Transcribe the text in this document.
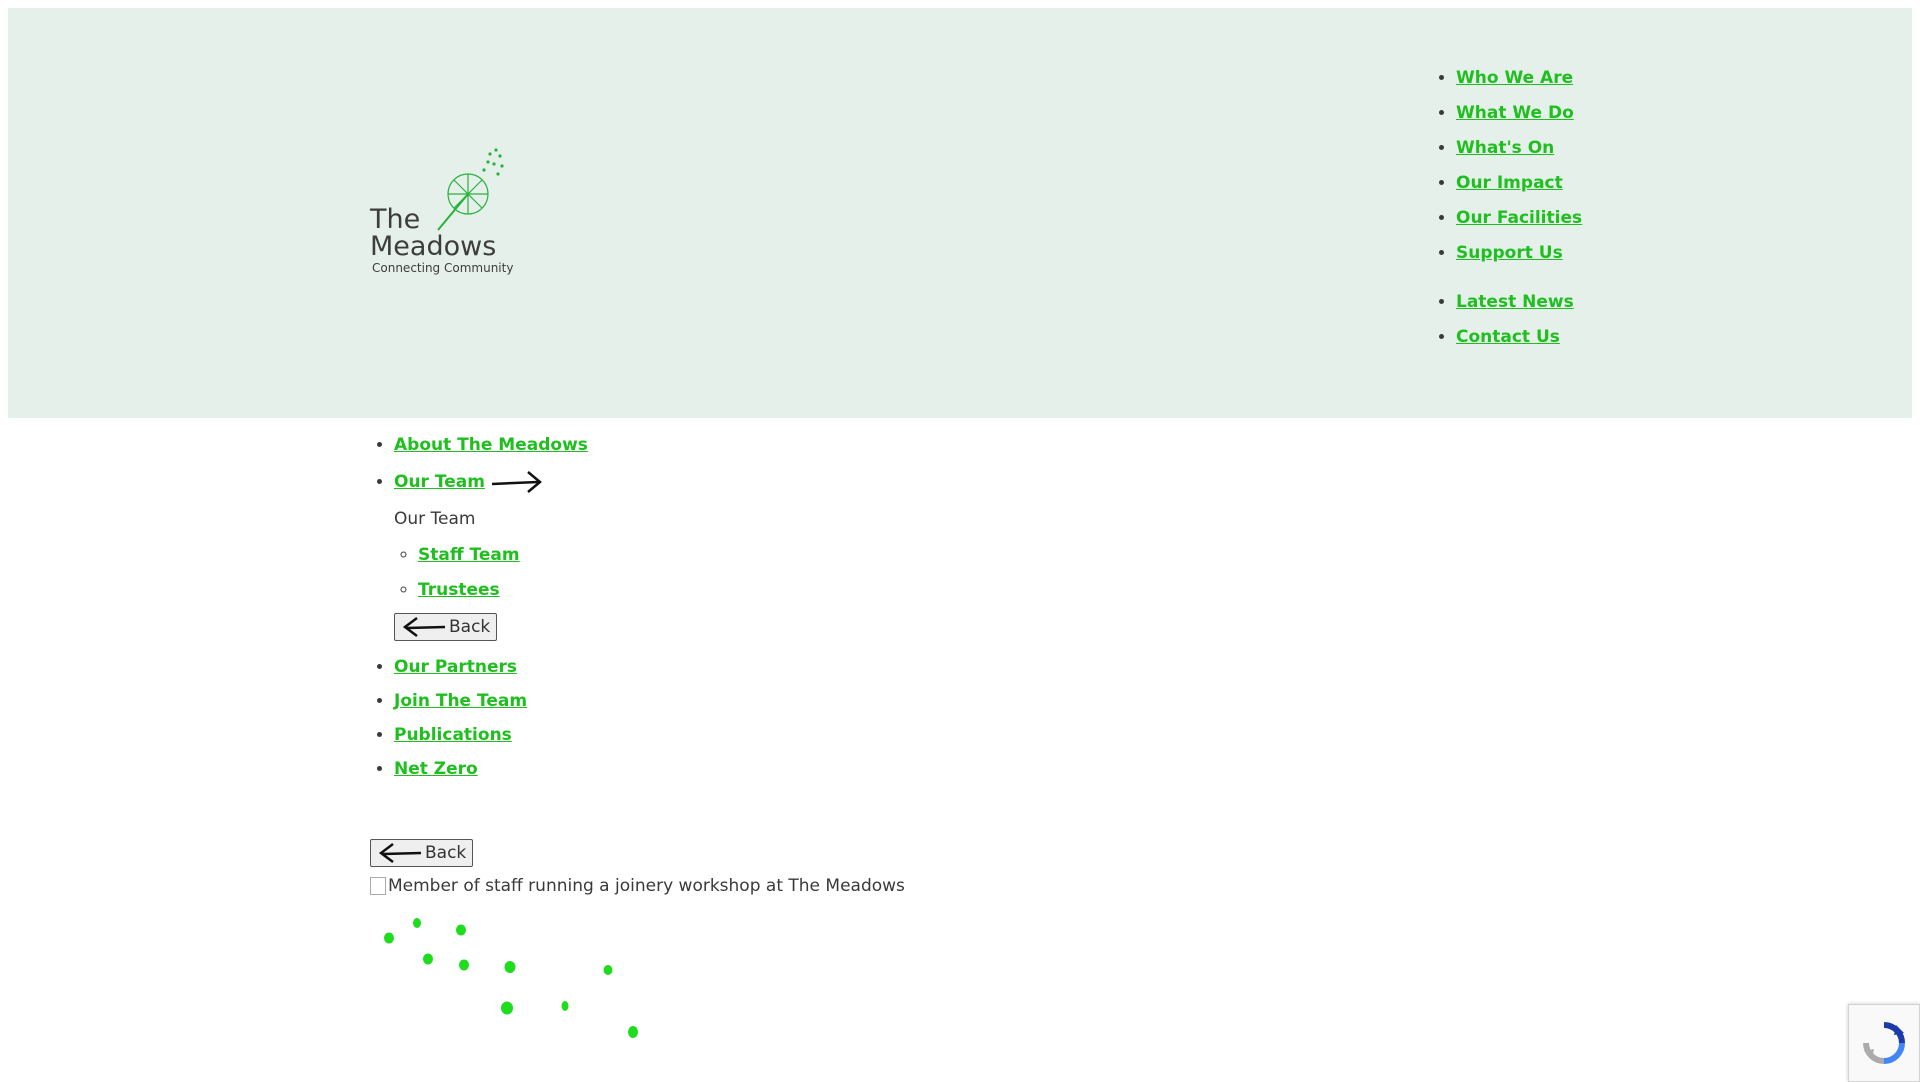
The
Meadows
Connecting Community
• Who We Are
• What We Do
• What's On
• Our Impact
• Our Facilities
• Support Us
• Latest News
• Contact Us
• About The Meadows
• Our Team
Our Team
◦ Staff Team
◦ Trustees
Back
• Our Partners
• Join The Team
• Publications
• Net Zero
Back
Member of staff running a joinery workshop at The Meadows
